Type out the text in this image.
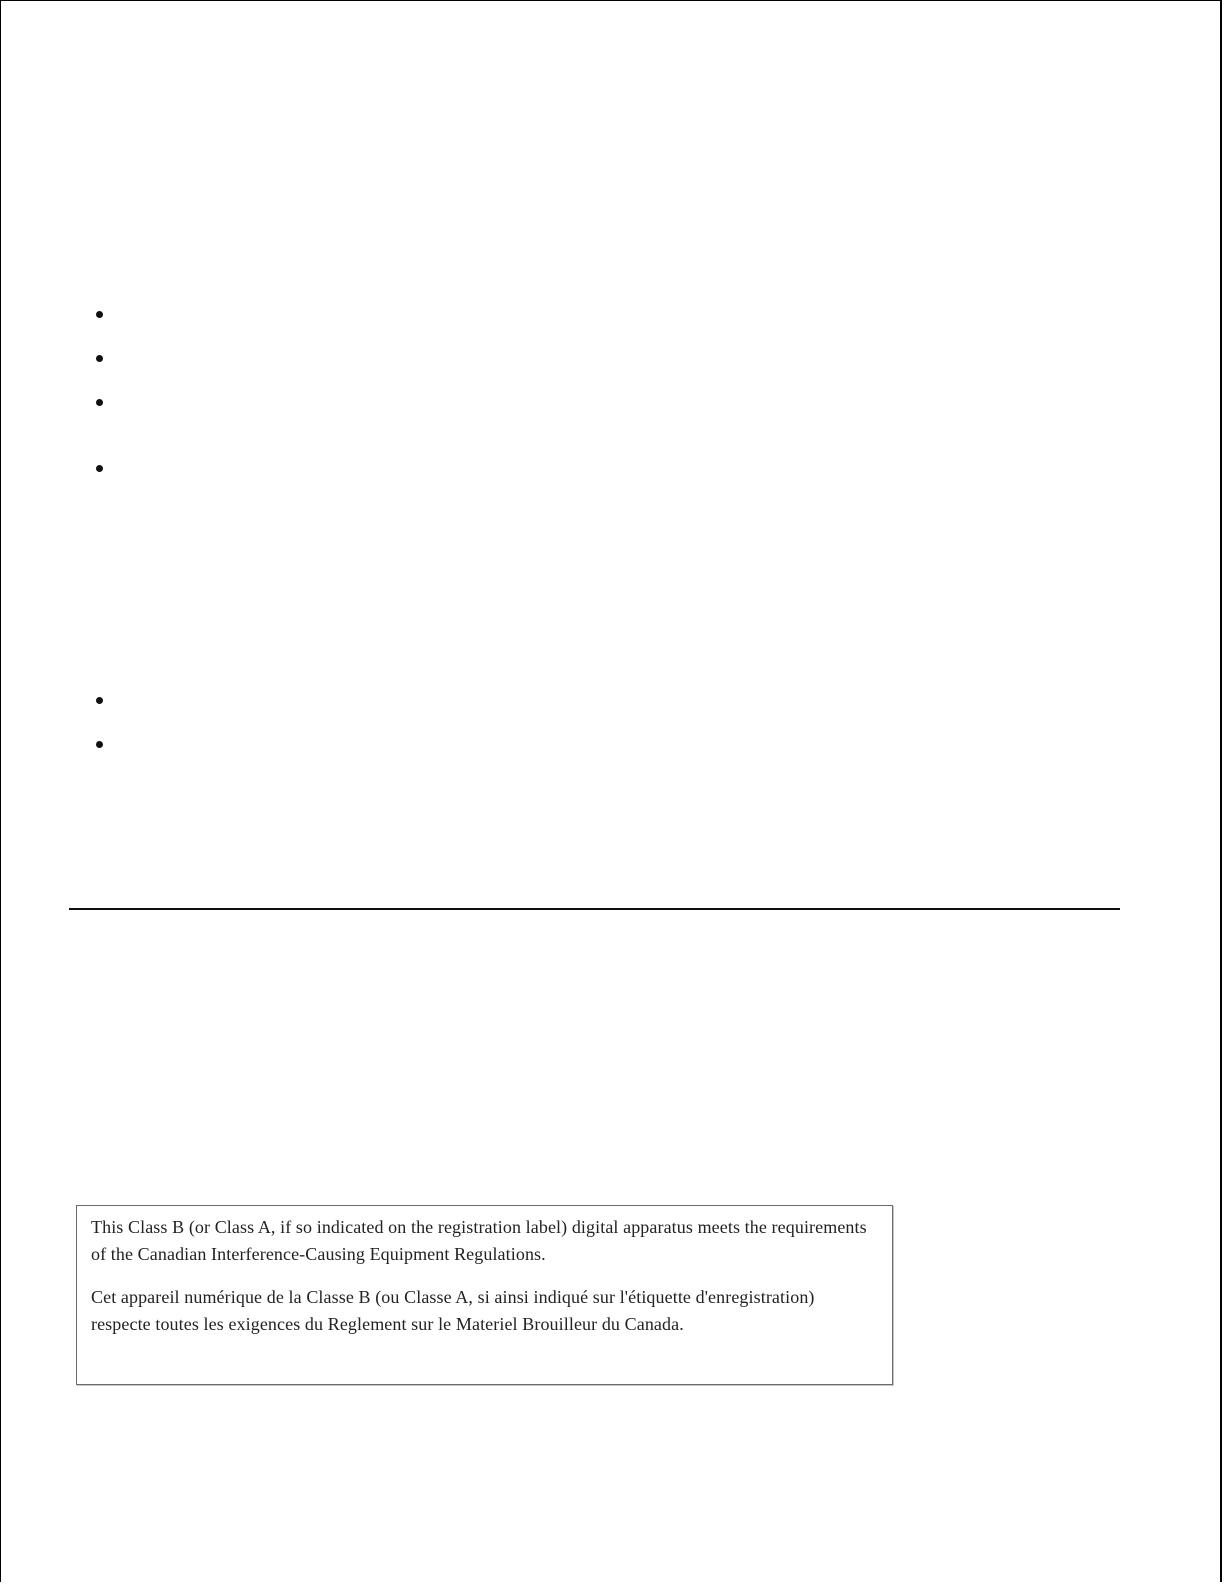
This Class B (or Class A, if so indicated on the registration label) digital apparatus meets the requirements of the Canadian Interference-Causing Equipment Regulations.

Cet appareil numérique de la Classe B (ou Classe A, si ainsi indiqué sur l'étiquette d'enregistration) respecte toutes les exigences du Reglement sur le Materiel Brouilleur du Canada.
